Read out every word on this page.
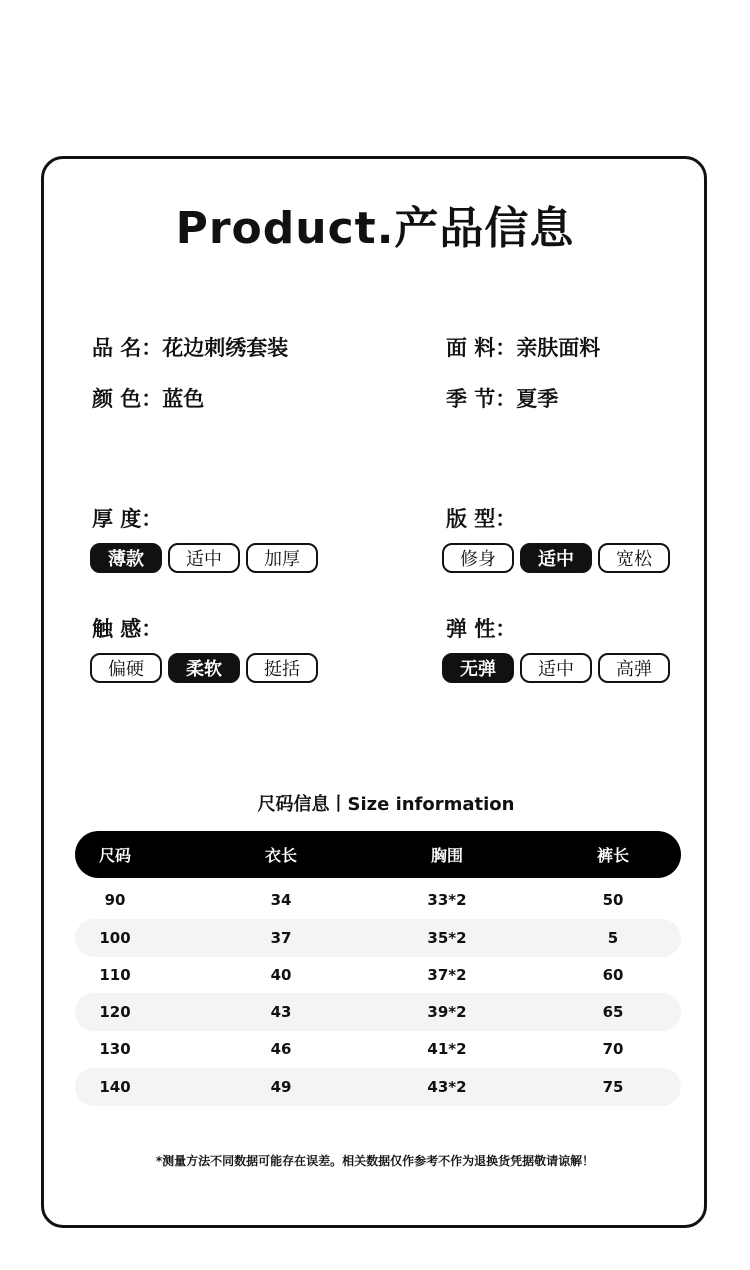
Product.产品信息
品 名：花边刺绣套装	面 料：亲肤面料
颜 色：蓝色	季 节：夏季
厚 度：
薄款	适中	加厚
版 型：
修身	适中	宽松
触 感：
偏硬	柔软	挺括
弹 性：
无弹	适中	高弹
尺码信息丨Size information
尺码	衣长	胸围	裤长
90	34	33*2	50
100	37	35*2	5
110	40	37*2	60
120	43	39*2	65
130	46	41*2	70
140	49	43*2	75
*测量方法不同数据可能存在误差。相关数据仅作参考不作为退换货凭据敬请谅解！
